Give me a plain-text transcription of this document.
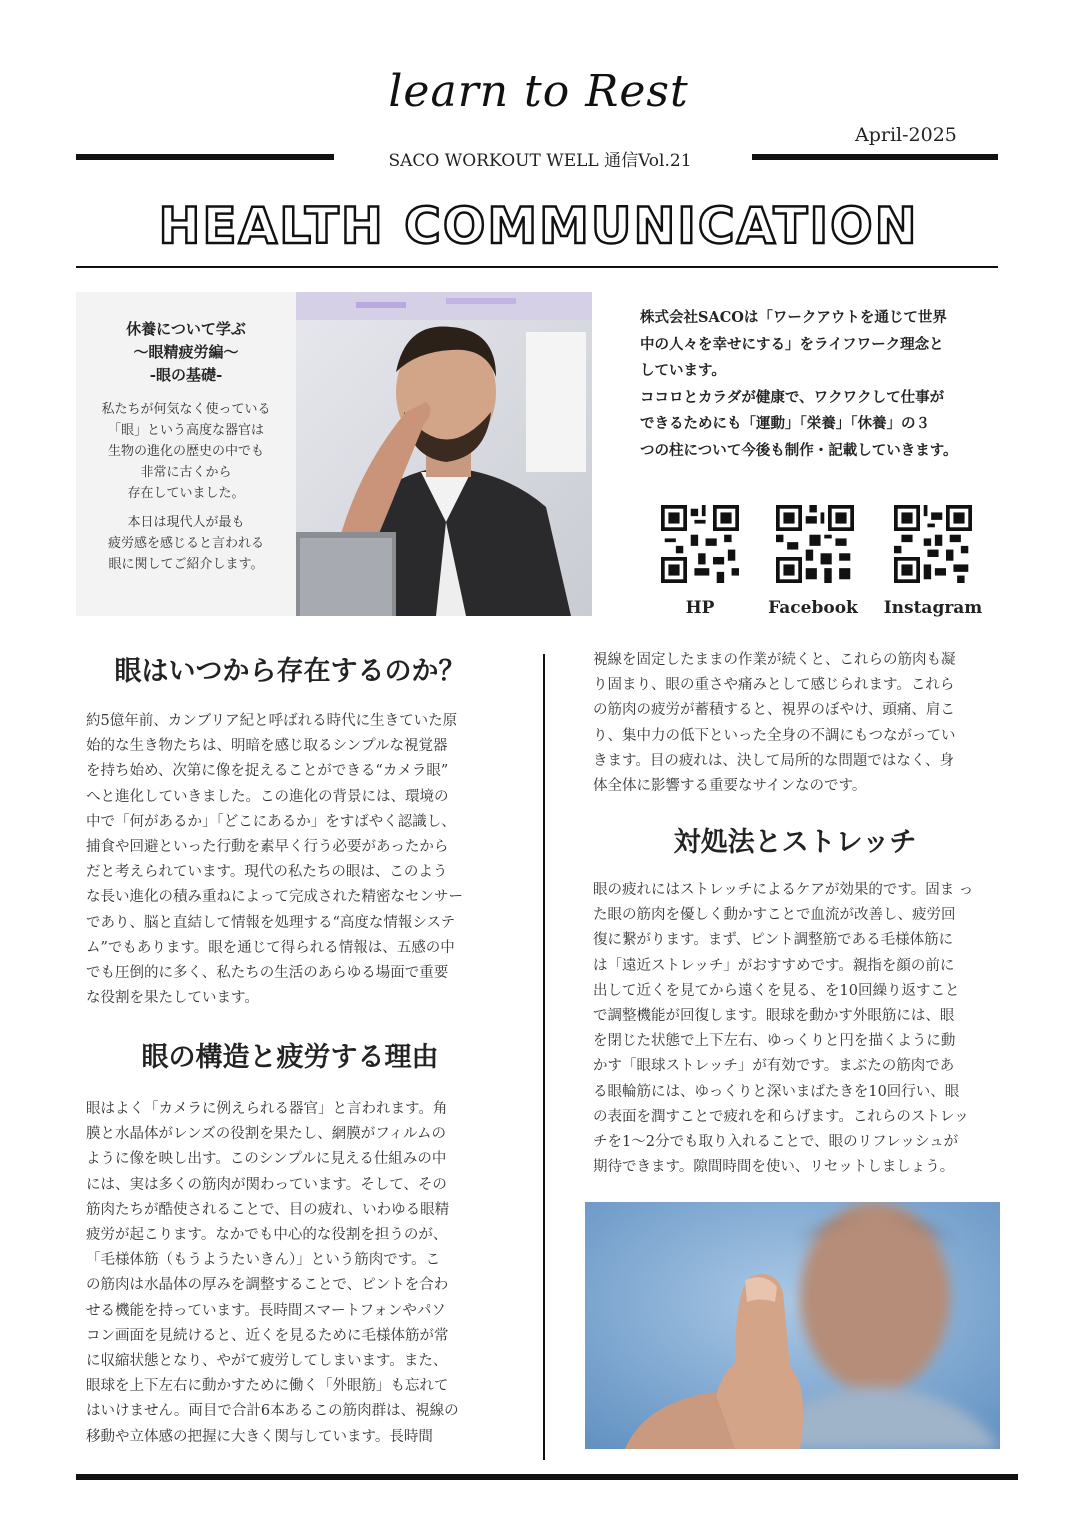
learn to Rest
April-2025
SACO WORKOUT WELL 通信Vol.21
HEALTH COMMUNICATION
休養について学ぶ
〜眼精疲労編〜
-眼の基礎-
私たちが何気なく使っている
「眼」という高度な器官は
生物の進化の歴史の中でも
非常に古くから
存在していました。
本日は現代人が最も
疲労感を感じると言われる
眼に関してご紹介します。
株式会社SACOは「ワークアウトを通じて世界
中の人々を幸せにする」をライフワーク理念と
しています。
ココロとカラダが健康で、ワクワクして仕事が
できるためにも「運動」「栄養」「休養」の３
つの柱について今後も制作・記載していきます。
HP	Facebook	Instagram
眼はいつから存在するのか？
約5億年前、カンブリア紀と呼ばれる時代に生きていた原
始的な生き物たちは、明暗を感じ取るシンプルな視覚器
を持ち始め、次第に像を捉えることができる“カメラ眼”
へと進化していきました。この進化の背景には、環境の
中で「何があるか」「どこにあるか」をすばやく認識し、
捕食や回避といった行動を素早く行う必要があったから
だと考えられています。現代の私たちの眼は、このよう
な長い進化の積み重ねによって完成された精密なセンサー
であり、脳と直結して情報を処理する“高度な情報システ
ム”でもあります。眼を通じて得られる情報は、五感の中
でも圧倒的に多く、私たちの生活のあらゆる場面で重要
な役割を果たしています。
眼の構造と疲労する理由
眼はよく「カメラに例えられる器官」と言われます。角
膜と水晶体がレンズの役割を果たし、網膜がフィルムの
ように像を映し出す。このシンプルに見える仕組みの中
には、実は多くの筋肉が関わっています。そして、その
筋肉たちが酷使されることで、目の疲れ、いわゆる眼精
疲労が起こります。なかでも中心的な役割を担うのが、
「毛様体筋（もうようたいきん）」という筋肉です。こ
の筋肉は水晶体の厚みを調整することで、ピントを合わ
せる機能を持っています。長時間スマートフォンやパソ
コン画面を見続けると、近くを見るために毛様体筋が常
に収縮状態となり、やがて疲労してしまいます。また、
眼球を上下左右に動かすために働く「外眼筋」も忘れて
はいけません。両目で合計6本あるこの筋肉群は、視線の
移動や立体感の把握に大きく関与しています。長時間
視線を固定したままの作業が続くと、これらの筋肉も凝
り固まり、眼の重さや痛みとして感じられます。これら
の筋肉の疲労が蓄積すると、視界のぼやけ、頭痛、肩こ
り、集中力の低下といった全身の不調にもつながってい
きます。目の疲れは、決して局所的な問題ではなく、身
体全体に影響する重要なサインなのです。
対処法とストレッチ
眼の疲れにはストレッチによるケアが効果的です。固ま っ
た眼の筋肉を優しく動かすことで血流が改善し、疲労回
復に繋がります。まず、ピント調整筋である毛様体筋に
は「遠近ストレッチ」がおすすめです。親指を顔の前に
出して近くを見てから遠くを見る、を10回繰り返すこと
で調整機能が回復します。眼球を動かす外眼筋には、眼
を閉じた状態で上下左右、ゆっくりと円を描くように動
かす「眼球ストレッチ」が有効です。まぶたの筋肉であ
る眼輪筋には、ゆっくりと深いまばたきを10回行い、眼
の表面を潤すことで疲れを和らげます。これらのストレッ
チを1〜2分でも取り入れることで、眼のリフレッシュが
期待できます。隙間時間を使い、リセットしましょう。
